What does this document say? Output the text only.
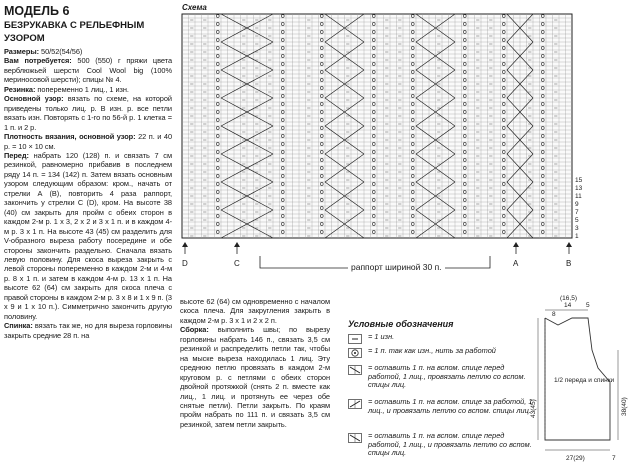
МОДЕЛЬ 6
БЕЗРУКАВКА С РЕЛЬЕФНЫМ
УЗОРОМ
Размеры: 50/52(54/56)
Вам потребуется: 500 (550) г пряжи цвета верблюжьей шерсти Cool Wool big (100% мериносовой шерсти); спицы № 4.
Резинка: попеременно 1 лиц., 1 изн.
Основной узор: вязать по схеме, на которой приведены только лиц. р. В изн. р. все петли вязать изн. Повторять с 1-го по 56-й р. 1 клетка = 1 п. и 2 р.
Плотность вязания, основной узор: 22 п. и 40 р. = 10 × 10 см.
Перед: набрать 120 (128) п. и связать 7 см резинкой, равномерно прибавив в последнем ряду 14 п. = 134 (142) п. Затем вязать основным узором следующим образом: кром., начать от стрелки А (В), повторить 4 раза раппорт, закончить у стрелки С (D), кром. На высоте 38 (40) см закрыть для пройм с обеих сторон в каждом 2-м р. 1 х 3, 2 х 2 и 3 х 1 п. и в каждом 4-м р. 3 х 1 п. На высоте 43 (45) см разделить для V-образного выреза работу посередине и обе стороны закончить раздельно. Сначала вязать левую половину. Для скоса выреза закрыть с левой стороны попеременно в каждом 2-м и 4-м р. 8 х 1 п. и затем в каждом 4-м р. 13 х 1 п. На высоте 62 (64) см закрыть для скоса плеча с правой стороны в каждом 2-м р. 3 х 8 и 1 х 9 п. (3 х 9 и 1 х 10 п.). Симметрично закончить другую половину.
Спинка: вязать так же, но для выреза горловины закрыть средние 28 п. на
высоте 62 (64) см одновременно с началом скоса плеча. Для закругления закрыть в каждом 2-м р. 3 х 1 и 2 х 2 п.
Сборка: выполнить швы; по вырезу горловины набрать 146 п., связать 3,5 см резинкой и распределить петли так, чтобы на мыске выреза находилась 1 лиц. Эту среднюю петлю провязать в каждом 2-м круговом р. с петлями с обеих сторон двойной протяжкой (снять 2 п. вместе как лиц., 1 лиц. и протянуть ее через обе снятые петли). Петли закрыть. По краям пройм набрать по 111 п. и связать 3,5 см резинкой, затем петли закрыть.
15
13
11
9
7
5
3
1
D	C	A	B
Схема
раппорт шириной 30 п.
Условные обозначения
= 1 изн.
= 1 п. так как изн., нить за работой
= оставить 1 п. на вспом. спице перед работой, 1 лиц., провязать петлю со вспом. спицы лиц.
= оставить 1 п. на вспом. спице за работой, 1 лиц., и провязать петлю со вспом. спицы лиц.
= оставить 1 п. на вспом. спице перед работой, 1 лиц., и провязать петлю со вспом. спицы лиц.
(16,5)
14
8
5
1/2 переда и спинки
43(45)	38(40)
27(29)	7
